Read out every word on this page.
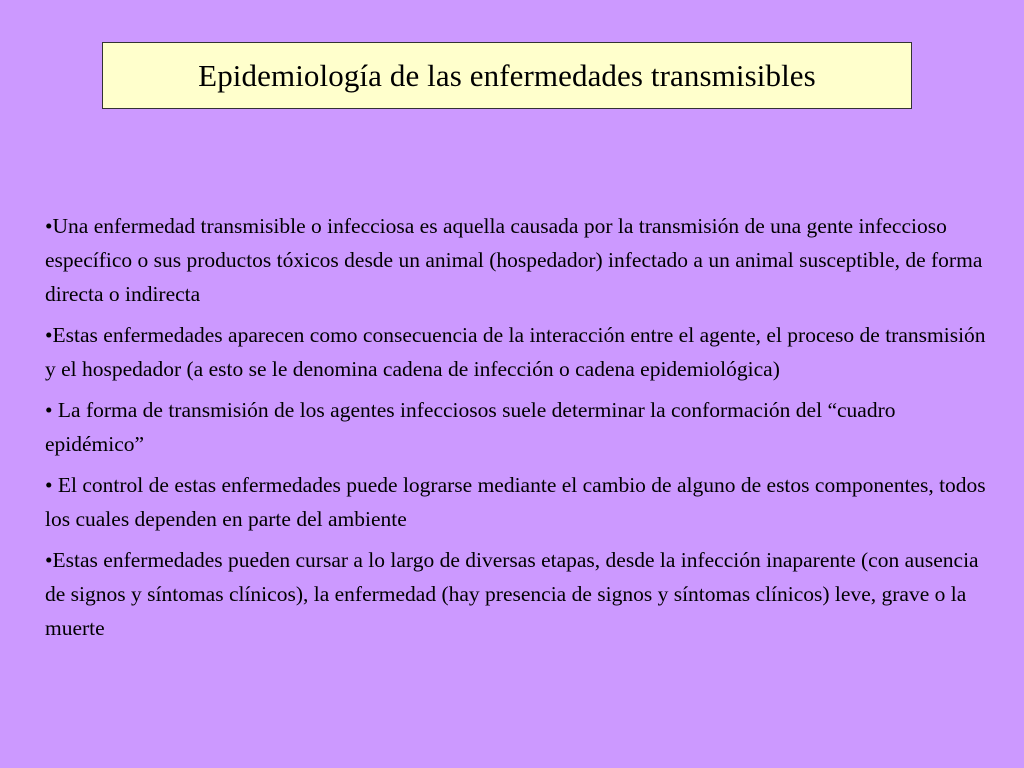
Epidemiología de las enfermedades transmisibles

•Una enfermedad transmisible o infecciosa es aquella causada por la transmisión de una gente infeccioso específico o sus productos tóxicos desde un animal (hospedador) infectado a un animal susceptible, de forma directa o indirecta

•Estas enfermedades aparecen como consecuencia de la interacción entre el agente, el proceso de transmisión y el hospedador (a esto se le denomina cadena de infección o cadena epidemiológica)

• La forma de transmisión de los agentes infecciosos suele determinar la conformación del “cuadro epidémico”

• El control de estas enfermedades puede lograrse mediante el cambio de alguno de estos componentes, todos los cuales dependen en parte del ambiente

•Estas enfermedades pueden cursar a lo largo de diversas etapas, desde la infección inaparente (con ausencia de signos y síntomas clínicos), la enfermedad (hay presencia de signos y síntomas clínicos) leve, grave o la muerte
